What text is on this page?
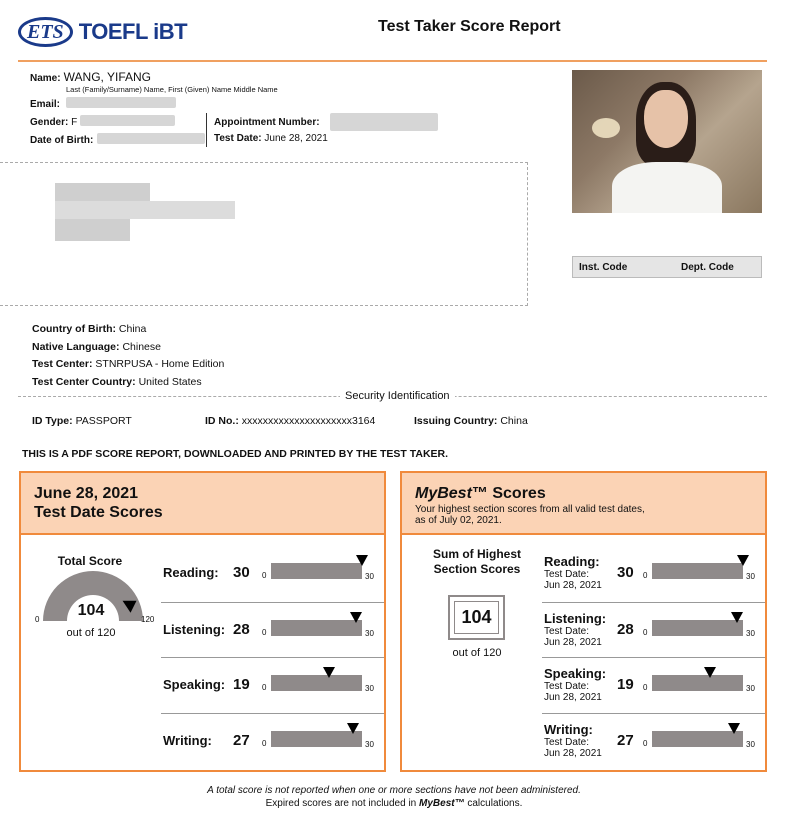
ETS TOEFL iBT	Test Taker Score Report
Name: WANG, YIFANG
Last (Family/Surname) Name, First (Given) Name Middle Name
Email:
Gender: F
Date of Birth:
Appointment Number:
Test Date: June 28, 2021
Inst. Code	Dept. Code
Country of Birth: China
Native Language: Chinese
Test Center: STNRPUSA - Home Edition
Test Center Country: United States
Security Identification
ID Type: PASSPORT	ID No.: xxxxxxxxxxxxxxxxxxxxx3164	Issuing Country: China
THIS IS A PDF SCORE REPORT, DOWNLOADED AND PRINTED BY THE TEST TAKER.
June 28, 2021
Test Date Scores
Total Score
0	120
104
out of 120
Reading: 30 0	30
Listening: 28 0	30
Speaking: 19 0	30
Writing: 27 0	30
MyBest™ Scores
Your highest section scores from all valid test dates,
as of July 02, 2021.
Sum of Highest
Section Scores
104
out of 120
Reading:
Test Date:
Jun 28, 2021
30 0	30
Listening:
Test Date:
Jun 28, 2021
28 0	30
Speaking:
Test Date:
Jun 28, 2021
19 0	30
Writing:
Test Date:
Jun 28, 2021
27 0	30
A total score is not reported when one or more sections have not been administered.
Expired scores are not included in MyBest™ calculations.
